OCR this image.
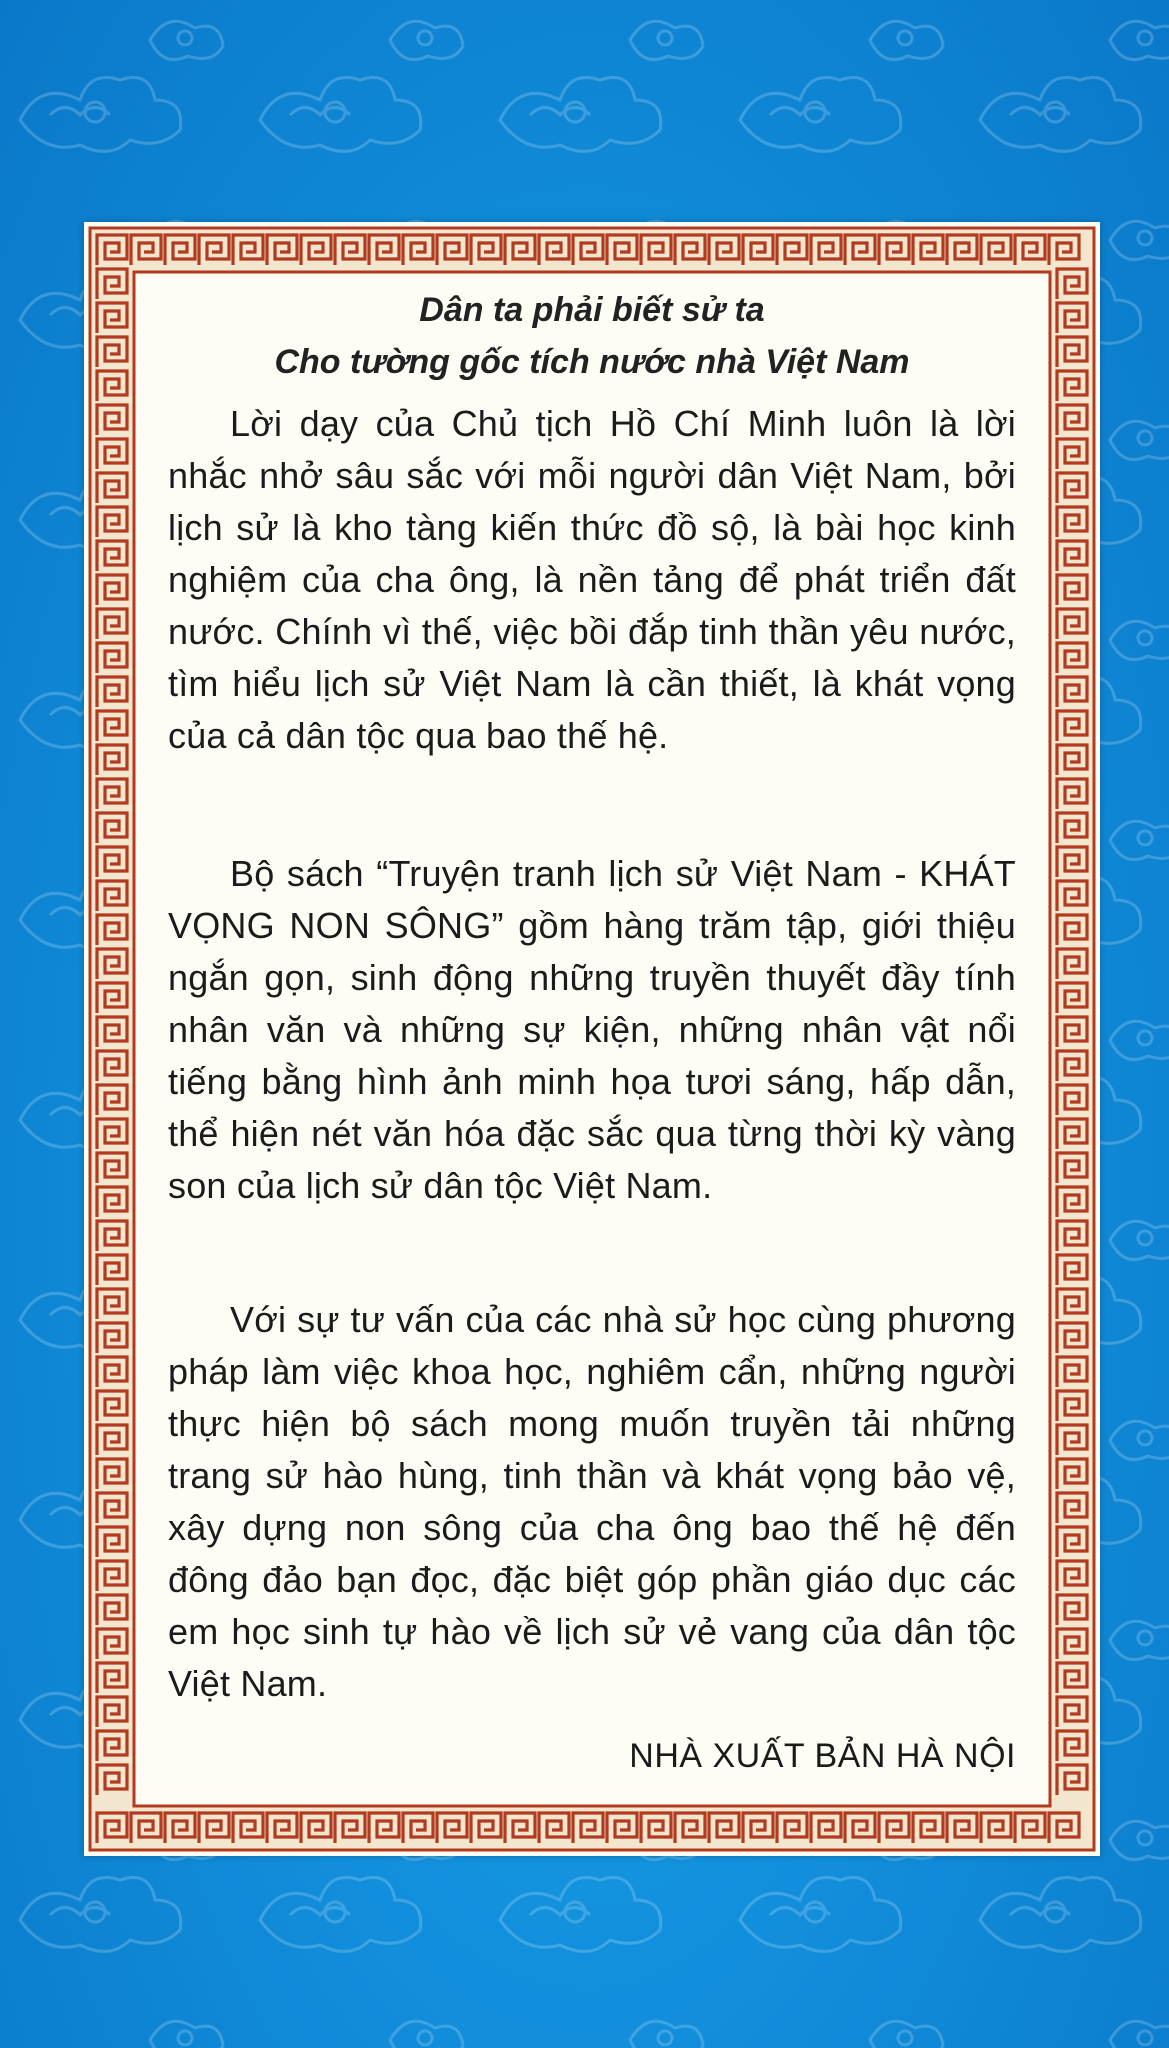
Dân ta phải biết sử ta
Cho tường gốc tích nước nhà Việt Nam
Lời dạy của Chủ tịch Hồ Chí Minh luôn là lời nhắc nhở sâu sắc với mỗi người dân Việt Nam, bởi lịch sử là kho tàng kiến thức đồ sộ, là bài học kinh nghiệm của cha ông, là nền tảng để phát triển đất nước. Chính vì thế, việc bồi đắp tinh thần yêu nước, tìm hiểu lịch sử Việt Nam là cần thiết, là khát vọng của cả dân tộc qua bao thế hệ.
Bộ sách “Truyện tranh lịch sử Việt Nam - KHÁT VỌNG NON SÔNG” gồm hàng trăm tập, giới thiệu ngắn gọn, sinh động những truyền thuyết đầy tính nhân văn và những sự kiện, những nhân vật nổi tiếng bằng hình ảnh minh họa tươi sáng, hấp dẫn, thể hiện nét văn hóa đặc sắc qua từng thời kỳ vàng son của lịch sử dân tộc Việt Nam.
Với sự tư vấn của các nhà sử học cùng phương pháp làm việc khoa học, nghiêm cẩn, những người thực hiện bộ sách mong muốn truyền tải những trang sử hào hùng, tinh thần và khát vọng bảo vệ, xây dựng non sông của cha ông bao thế hệ đến đông đảo bạn đọc, đặc biệt góp phần giáo dục các em học sinh tự hào về lịch sử vẻ vang của dân tộc Việt Nam.
NHÀ XUẤT BẢN HÀ NỘI
